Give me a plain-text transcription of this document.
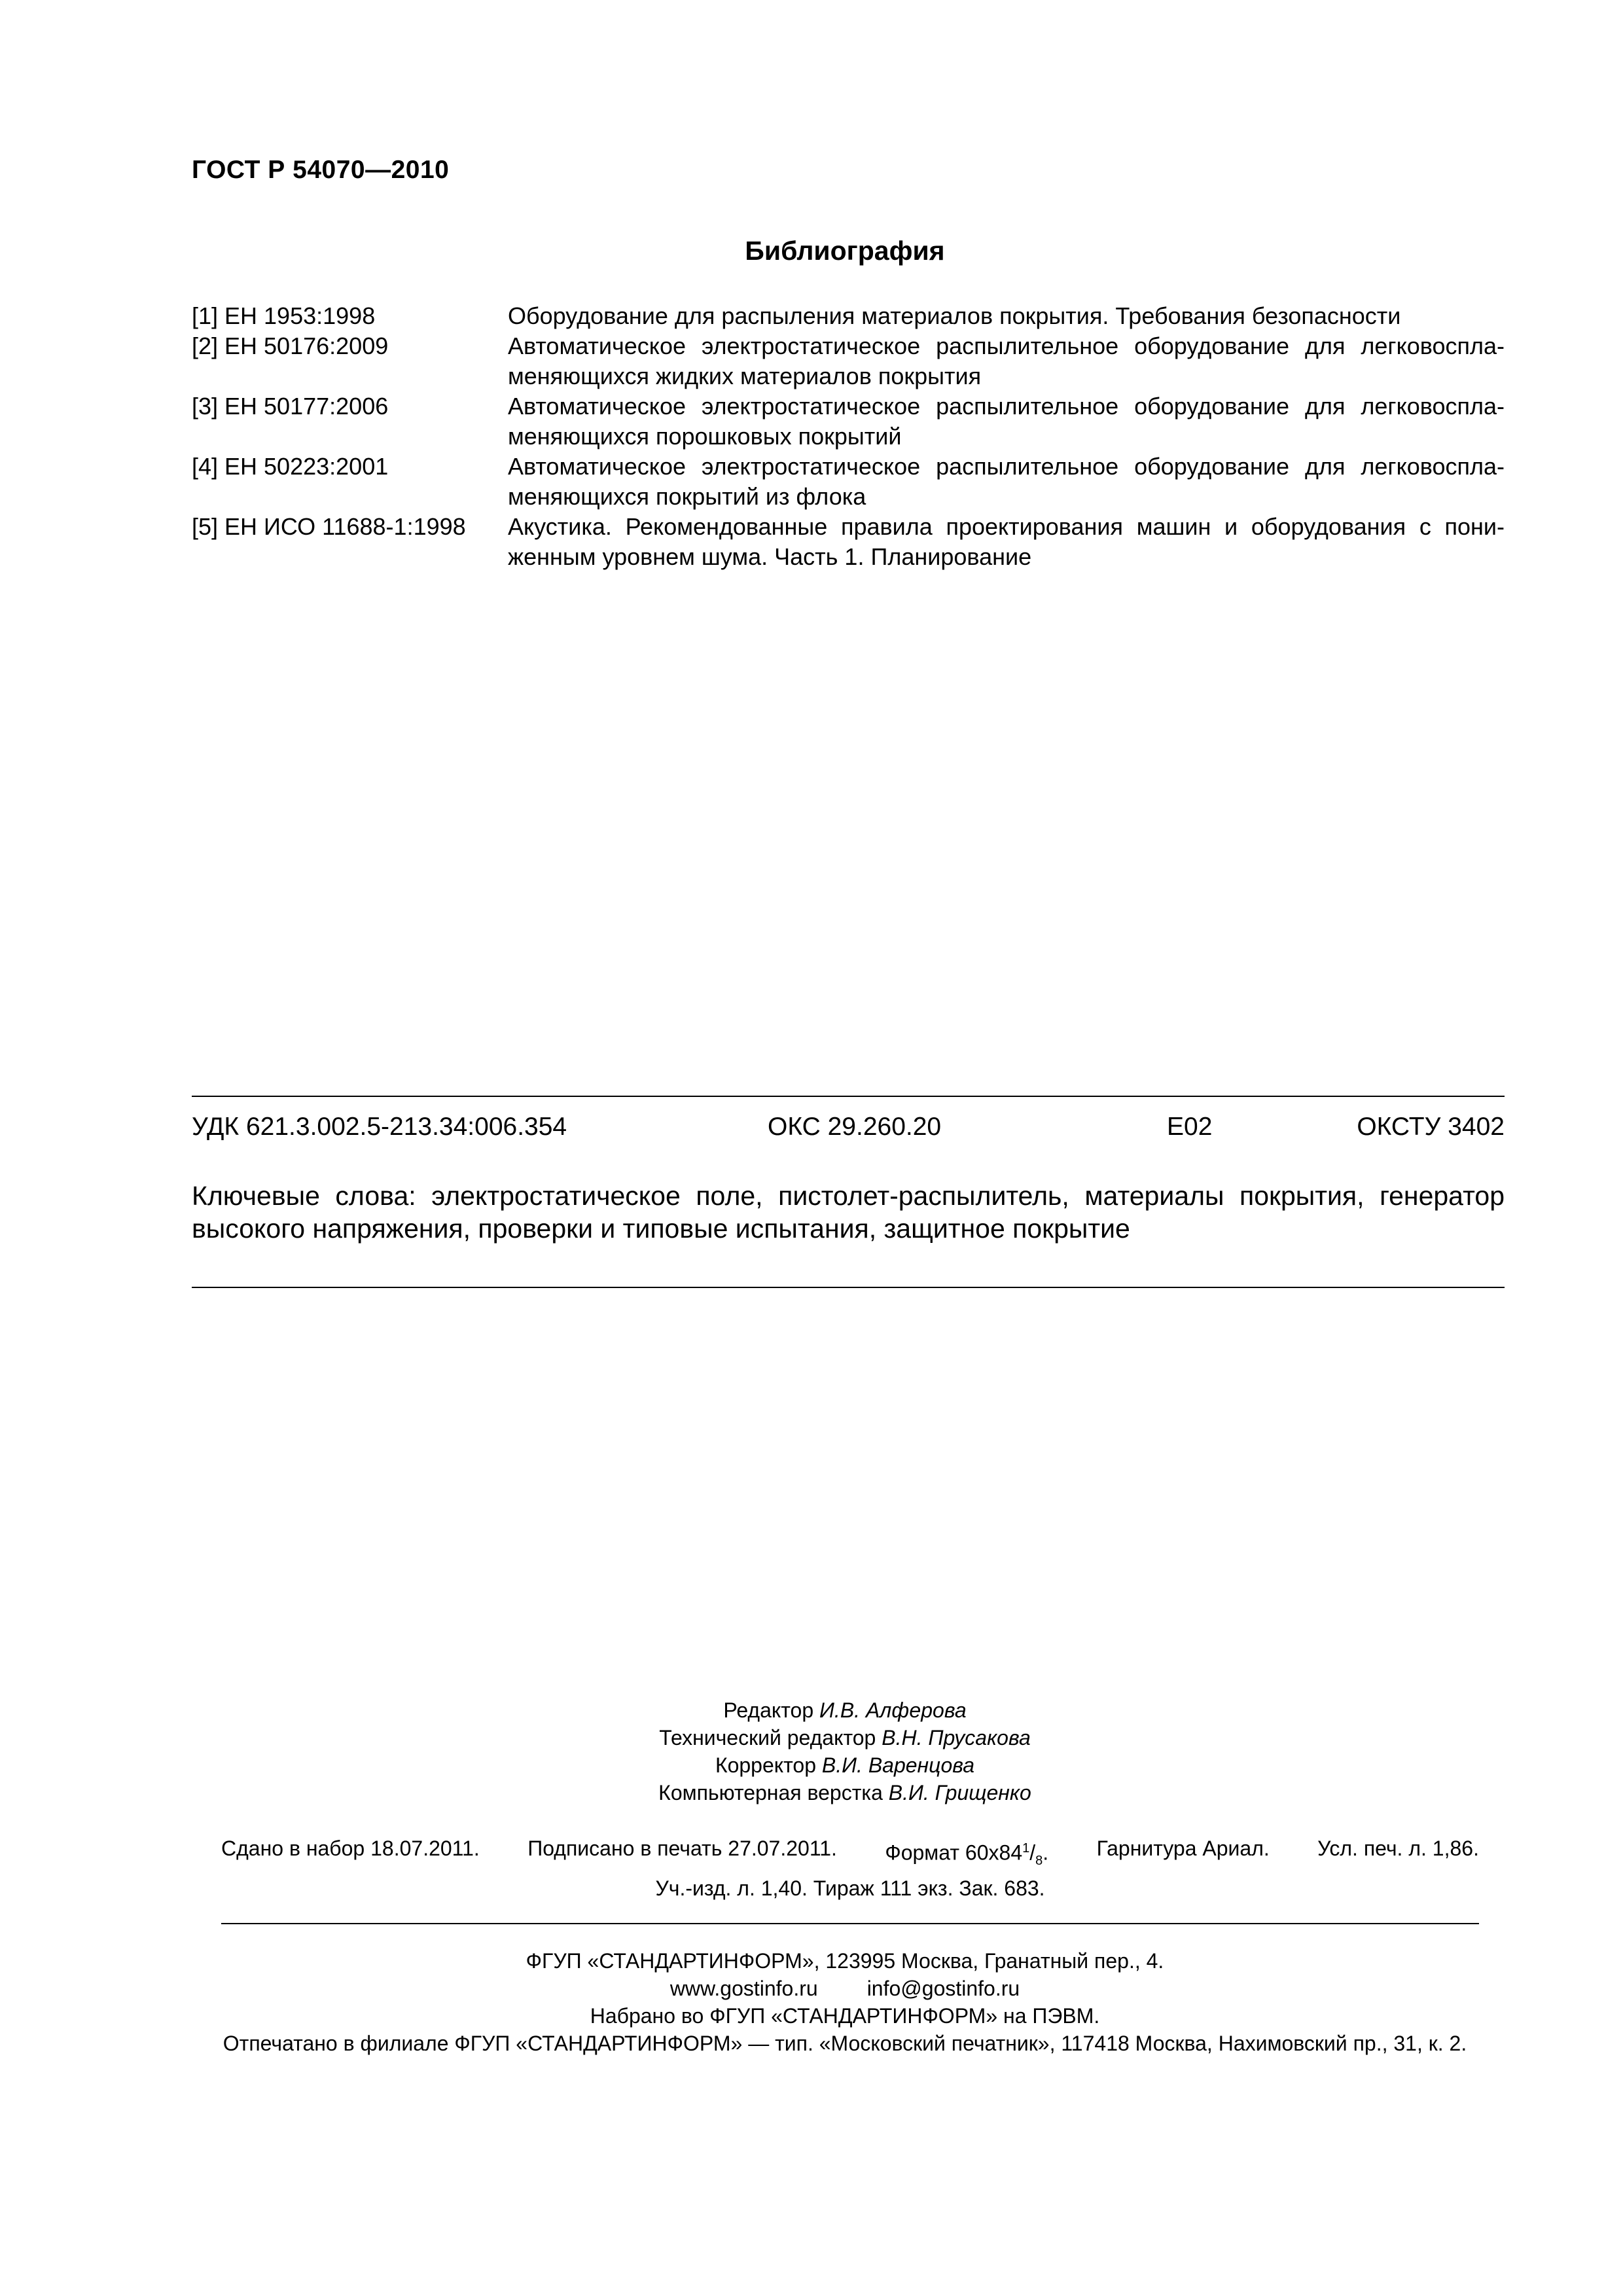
ГОСТ Р 54070—2010
Библиография
[1] ЕН 1953:1998	Оборудование для распыления материалов покрытия. Требования безопасности
[2] ЕН 50176:2009	Автоматическое электростатическое распылительное оборудование для легковоспла-
меняющихся жидких материалов покрытия
[3] ЕН 50177:2006	Автоматическое электростатическое распылительное оборудование для легковоспла-
меняющихся порошковых покрытий
[4] ЕН 50223:2001	Автоматическое электростатическое распылительное оборудование для легковоспла-
меняющихся покрытий из флока
[5] ЕН ИСО 11688-1:1998	Акустика. Рекомендованные правила проектирования машин и оборудования с пони-
женным уровнем шума. Часть 1. Планирование
УДК 621.3.002.5-213.34:006.354	ОКС 29.260.20	Е02	ОКСТУ 3402
Ключевые слова: электростатическое поле, пистолет-распылитель, материалы покрытия, генератор
высокого напряжения, проверки и типовые испытания, защитное покрытие
Редактор И.В. Алферова
Технический редактор В.Н. Прусакова
Корректор В.И. Варенцова
Компьютерная верстка В.И. Грищенко
Сдано в набор 18.07.2011. Подписано в печать 27.07.2011. Формат $60х84^1/_8$. Гарнитура Ариал. Усл. печ. л. 1,86.
Уч.-изд. л. 1,40. Тираж 111 экз. Зак. 683.
ФГУП «СТАНДАРТИНФОРМ», 123995 Москва, Гранатный пер., 4.
www.gostinfo.ru info@gostinfo.ru
Набрано во ФГУП «СТАНДАРТИНФОРМ» на ПЭВМ.
Отпечатано в филиале ФГУП «СТАНДАРТИНФОРМ» — тип. «Московский печатник», 117418 Москва, Нахимовский пр., 31, к. 2.
